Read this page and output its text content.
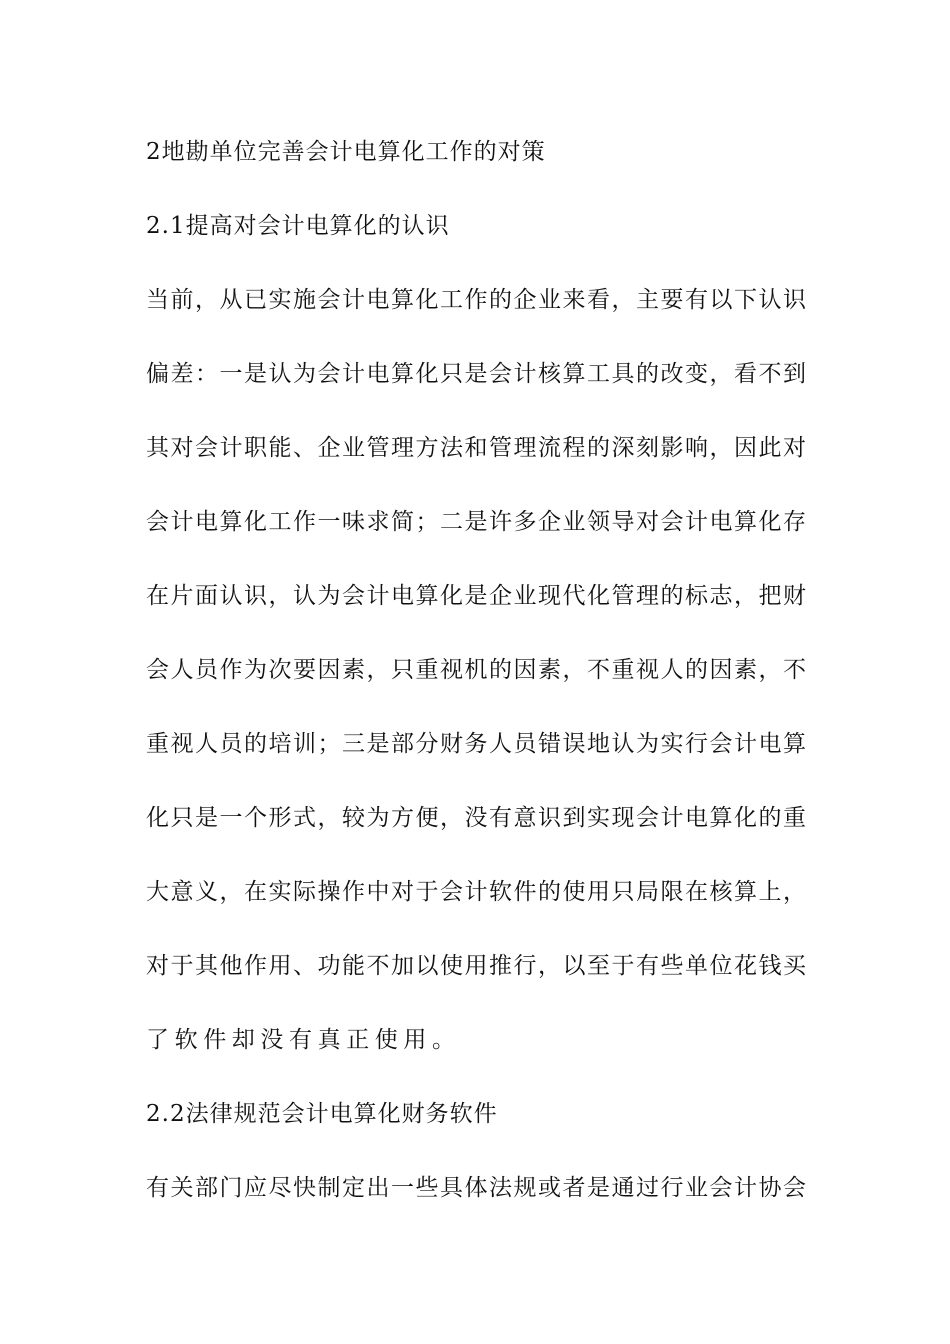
2地勘单位完善会计电算化工作的对策
2.1提高对会计电算化的认识
当前，从已实施会计电算化工作的企业来看，主要有以下认识
偏差：一是认为会计电算化只是会计核算工具的改变，看不到
其对会计职能、企业管理方法和管理流程的深刻影响，因此对
会计电算化工作一味求简；二是许多企业领导对会计电算化存
在片面认识，认为会计电算化是企业现代化管理的标志，把财
会人员作为次要因素，只重视机的因素，不重视人的因素，不
重视人员的培训；三是部分财务人员错误地认为实行会计电算
化只是一个形式，较为方便，没有意识到实现会计电算化的重
大意义，在实际操作中对于会计软件的使用只局限在核算上，
对于其他作用、功能不加以使用推行，以至于有些单位花钱买
了软件却没有真正使用。
2.2法律规范会计电算化财务软件
有关部门应尽快制定出一些具体法规或者是通过行业会计协会
